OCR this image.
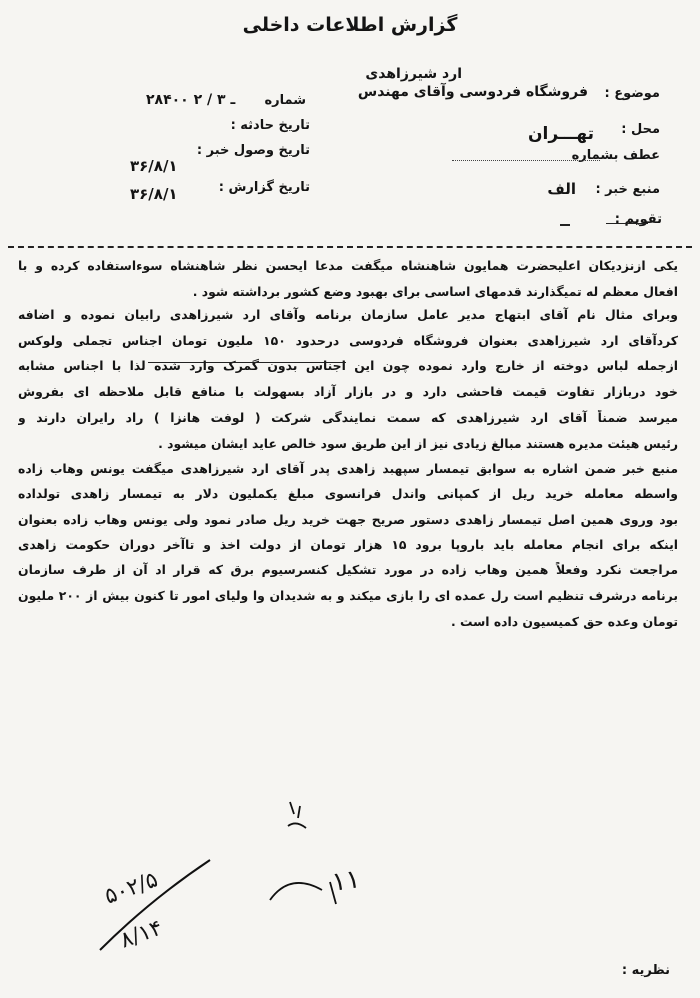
گزارش اطلاعات داخلی
موضوع :
فروشگاه فردوسی وآقای مهندس
ارد شیرزاهدی
شماره
۲۸۴۰۰ ـ ۳ / ۲
محل :
تهـــران
عطف بشماره
تاریخ حادثه :
تاریخ وصول خبر :
۳۶/۸/۱
تاریخ گزارش :
۳۶/۸/۱	منبع خبر :
الف
تقویم :
یکی ازنزدیکان اعلیحضرت همایون شاهنشاه میگفت مدعا ایحسن نظر شاهنشاه سوءاستفاده کرده و با
افعال معظم له تمیگذارند قدمهای اساسی برای بهبود وضع کشور برداشته شود .
وبرای مثال نام آقای ابتهاج مدیر عامل سازمان برنامه وآقای ارد شیرزاهدی رابیان نموده و اضافه
کردآقای ارد شیرزاهدی بعنوان فروشگاه فردوسی درحدود ۱۵۰ ملیون تومان اجناس تجملی ولوکس
ازجمله لباس دوخته از خارج وارد نموده چون این اجناس بدون گمرک وارد شده لذا با اجناس مشابه
خود دربازار تفاوت قیمت فاحشی دارد و در بازار آزاد بسهولت با منافع قابل ملاحظه ای بفروش
میرسد ضمناً آقای ارد شیرزاهدی که سمت نمایندگی شرکت ( لوفت هانزا ) راد رایران دارند و
رئیس هیئت مدیره هستند مبالغ زیادی نیز از این طریق سود خالص عاید ایشان میشود .
منبع خبر ضمن اشاره به سوابق تیمسار سپهبد زاهدی پدر آقای ارد شیرزاهدی میگفت یونس وهاب زاده
واسطه معامله خرید ریل از کمپانی واندل فرانسوی مبلغ یکملیون دلار به تیمسار زاهدی تولداده
بود وروی همین اصل تیمسار زاهدی دستور صریح جهت خرید ریل صادر نمود ولی یونس وهاب زاده بعنوان
اینکه برای انجام معامله باید باروپا برود ۱۵ هزار تومان از دولت اخذ و تاآخر دوران حکومت زاهدی
مراجعت نکرد وفعلاً همین وهاب زاده در مورد تشکیل کنسرسیوم برق که قرار اد آن از طرف سازمان
برنامه درشرف تنظیم است رل عمده ای را بازی میکند و به شدیدان وا ولیای امور تا کنون بیش از ۲۰۰ ملیون
تومان وعده حق کمیسیون داده است .
۱۱
۵۰۲/۵
۸/۱۴
نظریه :
